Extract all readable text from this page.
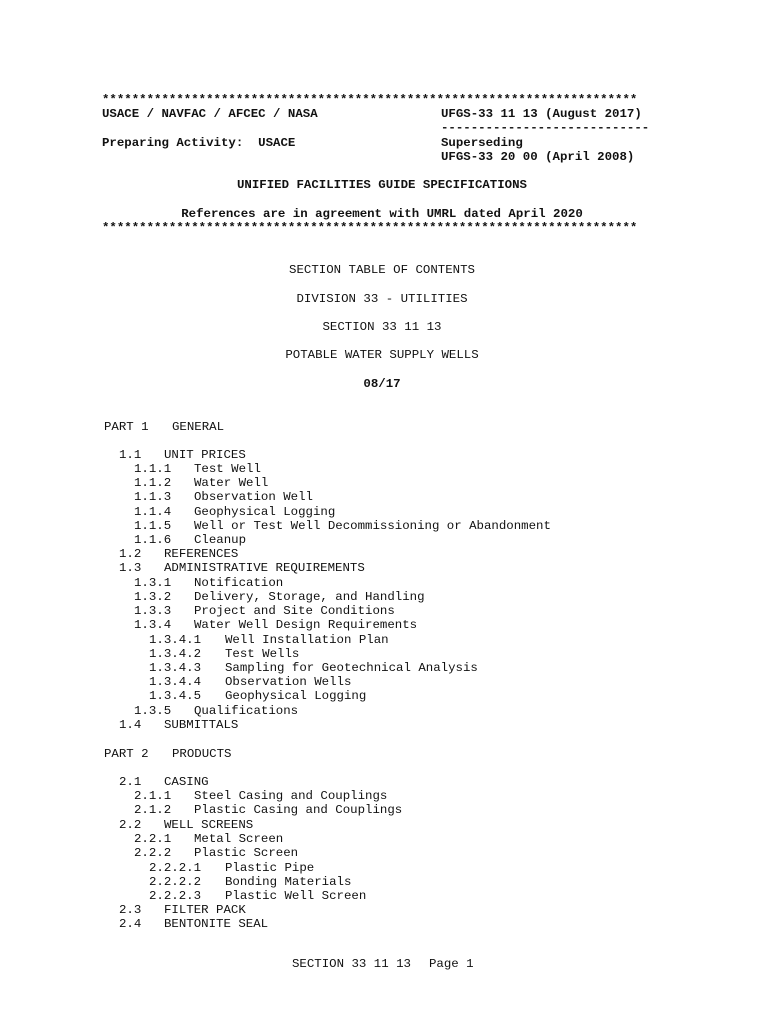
************************************************************************
USACE / NAVFAC / AFCEC / NASA	UFGS-33 11 13 (August 2017)
----------------------------
Preparing Activity:  USACE	Superseding
UFGS-33 20 00 (April 2008)
UNIFIED FACILITIES GUIDE SPECIFICATIONS
References are in agreement with UMRL dated April 2020
************************************************************************
SECTION TABLE OF CONTENTS
DIVISION 33 - UTILITIES
SECTION 33 11 13
POTABLE WATER SUPPLY WELLS
08/17
PART 1 GENERAL
1.1 UNIT PRICES
1.1.1 Test Well
1.1.2 Water Well
1.1.3 Observation Well
1.1.4 Geophysical Logging
1.1.5 Well or Test Well Decommissioning or Abandonment
1.1.6 Cleanup
1.2 REFERENCES
1.3 ADMINISTRATIVE REQUIREMENTS
1.3.1 Notification
1.3.2 Delivery, Storage, and Handling
1.3.3 Project and Site Conditions
1.3.4 Water Well Design Requirements
1.3.4.1 Well Installation Plan
1.3.4.2 Test Wells
1.3.4.3 Sampling for Geotechnical Analysis
1.3.4.4 Observation Wells
1.3.4.5 Geophysical Logging
1.3.5 Qualifications
1.4 SUBMITTALS
PART 2 PRODUCTS
2.1 CASING
2.1.1 Steel Casing and Couplings
2.1.2 Plastic Casing and Couplings
2.2 WELL SCREENS
2.2.1 Metal Screen
2.2.2 Plastic Screen
2.2.2.1 Plastic Pipe
2.2.2.2 Bonding Materials
2.2.2.3 Plastic Well Screen
2.3 FILTER PACK
2.4 BENTONITE SEAL
SECTION 33 11 13 Page 1
